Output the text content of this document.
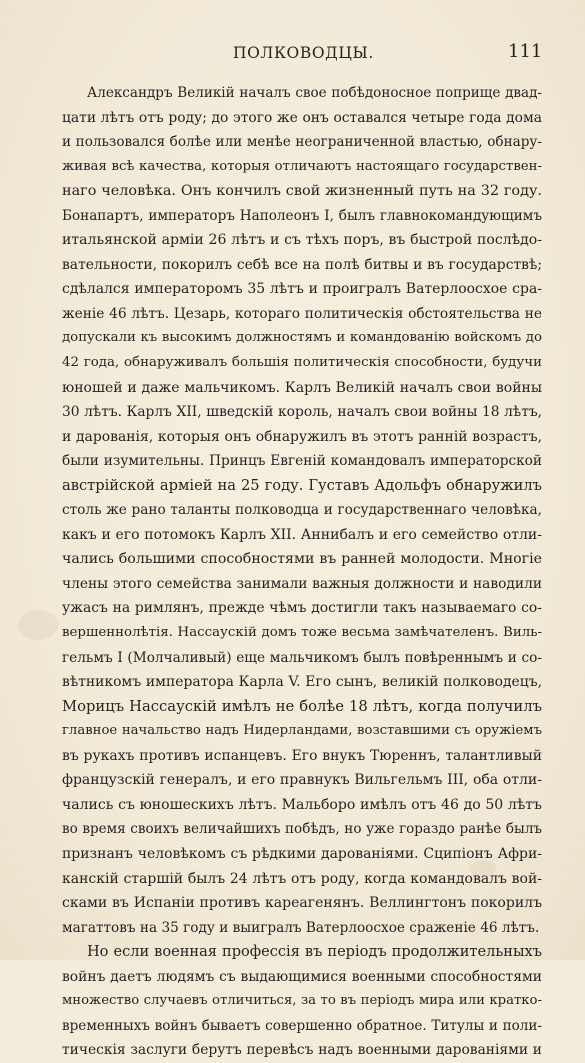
ПОЛКОВОДЦЫ.	111
Александръ Великій началъ свое побѣдоносное поприще двад-
цати лѣтъ отъ роду; до этого же онъ оставался четыре года дома
и пользовался болѣе или менѣе неограниченной властью, обнару-
живая всѣ качества, которыя отличаютъ настоящаго государствен-
наго человѣка. Онъ кончилъ свой жизненный путь на 32 году.
Бонапартъ, императоръ Наполеонъ I, былъ главнокомандующимъ
итальянской арміи 26 лѣтъ и съ тѣхъ поръ, въ быстрой послѣдо-
вательности, покорилъ себѣ все на полѣ битвы и въ государствѣ;
сдѣлался императоромъ 35 лѣтъ и проигралъ Ватерлоосхое сра-
женіе 46 лѣтъ. Цезарь, котораго политическія обстоятельства не
допускали къ высокимъ должностямъ и командованію войскомъ до
42 года, обнаруживалъ большія политическія способности, будучи
юношей и даже мальчикомъ. Карлъ Великій началъ свои войны
30 лѣтъ. Карлъ XII, шведскій король, началъ свои войны 18 лѣтъ,
и дарованія, которыя онъ обнаружилъ въ этотъ ранній возрастъ,
были изумительны. Принцъ Евгеній командовалъ императорской
австрійской арміей на 25 году. Густавъ Адольфъ обнаружилъ
столь же рано таланты полководца и государственнаго человѣка,
какъ и его потомокъ Карлъ XII. Аннибалъ и его семейство отли-
чались большими способностями въ ранней молодости. Многіе
члены этого семейства занимали важныя должности и наводили
ужасъ на римлянъ, прежде чѣмъ достигли такъ называемаго со-
вершеннолѣтія. Нассаускій домъ тоже весьма замѣчателенъ. Виль-
гельмъ I (Молчаливый) еще мальчикомъ былъ повѣреннымъ и со-
вѣтникомъ императора Карла V. Его сынъ, великій полководецъ,
Морицъ Нассаускій имѣлъ не болѣе 18 лѣтъ, когда получилъ
главное начальство надъ Нидерландами, возставшими съ оружіемъ
въ рукахъ противъ испанцевъ. Его внукъ Тюреннъ, талантливый
французскій генералъ, и его правнукъ Вильгельмъ III, оба отли-
чались съ юношескихъ лѣтъ. Мальборо имѣлъ отъ 46 до 50 лѣтъ
во время своихъ величайшихъ побѣдъ, но уже гораздо ранѣе былъ
признанъ человѣкомъ съ рѣдкими дарованіями. Сципіонъ Афри-
канскій старшій былъ 24 лѣтъ отъ роду, когда командовалъ вой-
сками въ Испаніи противъ кареагенянъ. Веллингтонъ покорилъ
магаттовъ на 35 году и выигралъ Ватерлоосхое сраженіе 46 лѣтъ.
Но если военная профессія въ періодъ продолжительныхъ
войнъ даетъ людямъ съ выдающимися военными способностями
множество случаевъ отличиться, за то въ періодъ мира или кратко-
временныхъ войнъ бываетъ совершенно обратное. Титулы и поли-
тическія заслуги берутъ перевѣсъ надъ военными дарованіями и
